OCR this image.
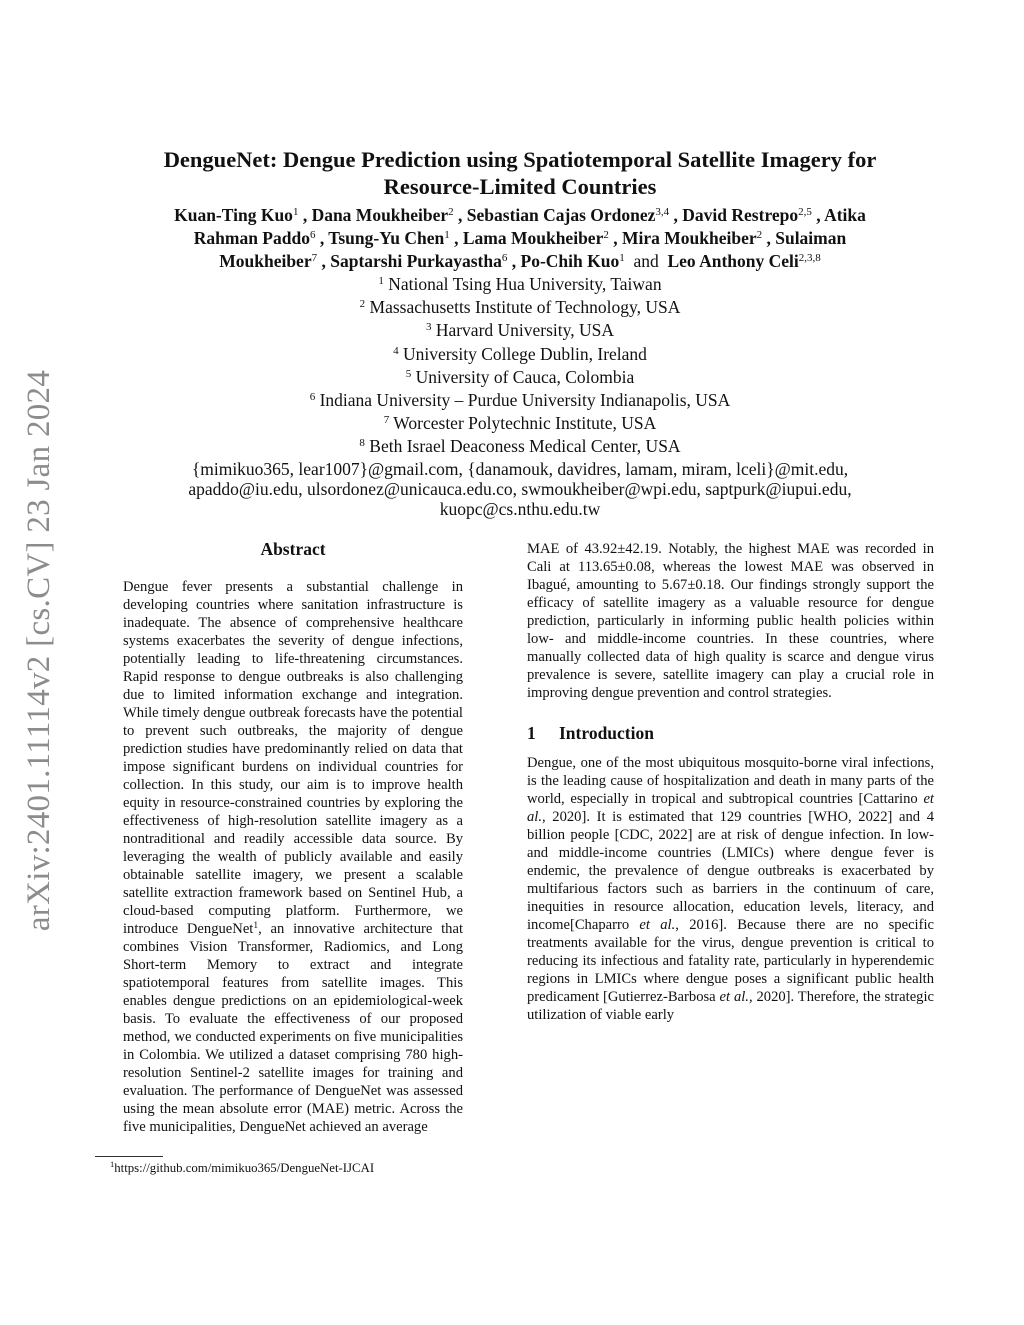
arXiv:2401.11114v2 [cs.CV] 23 Jan 2024
DengueNet: Dengue Prediction using Spatiotemporal Satellite Imagery for
Resource-Limited Countries
Kuan-Ting Kuo$^1$ , Dana Moukheiber$^2$ , Sebastian Cajas Ordonez$^{3,4}$ , David Restrepo$^{2,5}$ , Atika
Rahman Paddo$^6$ , Tsung-Yu Chen$^1$ , Lama Moukheiber$^2$ , Mira Moukheiber$^2$ , Sulaiman
Moukheiber$^7$ , Saptarshi Purkayastha$^6$ , Po-Chih Kuo$^1$ and Leo Anthony Celi$^{2,3,8}$
$^1$ National Tsing Hua University, Taiwan
$^2$ Massachusetts Institute of Technology, USA
$^3$ Harvard University, USA
$^4$ University College Dublin, Ireland
$^5$ University of Cauca, Colombia
$^6$ Indiana University – Purdue University Indianapolis, USA
$^7$ Worcester Polytechnic Institute, USA
$^8$ Beth Israel Deaconess Medical Center, USA
{mimikuo365, lear1007}@gmail.com, {danamouk, davidres, lamam, miram, lceli}@mit.edu,
apaddo@iu.edu, ulsordonez@unicauca.edu.co, swmoukheiber@wpi.edu, saptpurk@iupui.edu,
kuopc@cs.nthu.edu.tw
Abstract

Dengue fever presents a substantial challenge in developing countries where sanitation infrastructure is inadequate. The absence of comprehensive healthcare systems exacerbates the severity of dengue infections, potentially leading to life-threatening circumstances. Rapid response to dengue outbreaks is also challenging due to limited information exchange and integration. While timely dengue outbreak forecasts have the potential to prevent such outbreaks, the majority of dengue prediction studies have predominantly relied on data that impose significant burdens on individual countries for collection. In this study, our aim is to improve health equity in resource-constrained countries by exploring the effectiveness of high-resolution satellite imagery as a nontraditional and readily accessible data source. By leveraging the wealth of publicly available and easily obtainable satellite imagery, we present a scalable satellite extraction framework based on Sentinel Hub, a cloud-based computing platform. Furthermore, we introduce DengueNet$^1$, an innovative architecture that combines Vision Transformer, Radiomics, and Long Short-term Memory to extract and integrate spatiotemporal features from satellite images. This enables dengue predictions on an epidemiological-week basis. To evaluate the effectiveness of our proposed method, we conducted experiments on five municipalities in Colombia. We utilized a dataset comprising 780 high-resolution Sentinel-2 satellite images for training and evaluation. The performance of DengueNet was assessed using the mean absolute error (MAE) metric. Across the five municipalities, DengueNet achieved an average

MAE of 43.92±42.19. Notably, the highest MAE was recorded in Cali at 113.65±0.08, whereas the lowest MAE was observed in Ibagué, amounting to 5.67±0.18. Our findings strongly support the efficacy of satellite imagery as a valuable resource for dengue prediction, particularly in informing public health policies within low- and middle-income countries. In these countries, where manually collected data of high quality is scarce and dengue virus prevalence is severe, satellite imagery can play a crucial role in improving dengue prevention and control strategies.

1 Introduction

Dengue, one of the most ubiquitous mosquito-borne viral infections, is the leading cause of hospitalization and death in many parts of the world, especially in tropical and subtropical countries [Cattarino et al., 2020]. It is estimated that 129 countries [WHO, 2022] and 4 billion people [CDC, 2022] are at risk of dengue infection. In low- and middle-income countries (LMICs) where dengue fever is endemic, the prevalence of dengue outbreaks is exacerbated by multifarious factors such as barriers in the continuum of care, inequities in resource allocation, education levels, literacy, and income[Chaparro et al., 2016]. Because there are no specific treatments available for the virus, dengue prevention is critical to reducing its infectious and fatality rate, particularly in hyperendemic regions in LMICs where dengue poses a significant public health predicament [Gutierrez-Barbosa et al., 2020]. Therefore, the strategic utilization of viable early

$^1$https://github.com/mimikuo365/DengueNet-IJCAI
